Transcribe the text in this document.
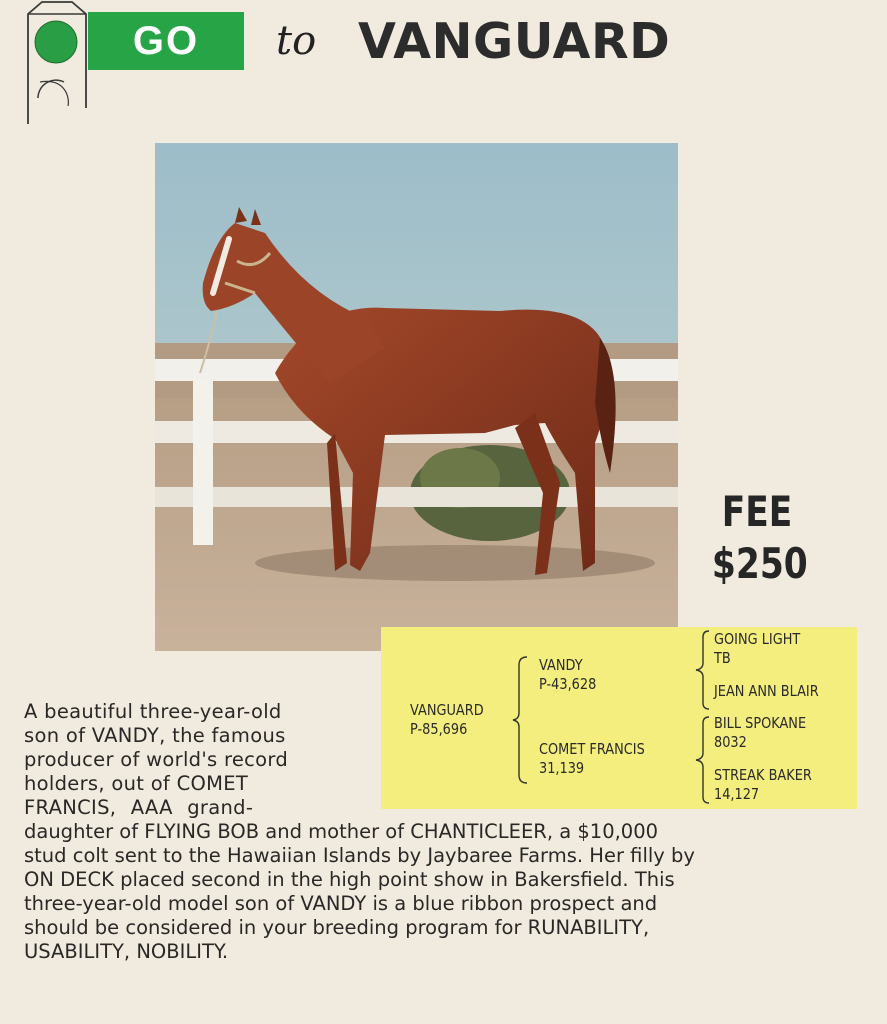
GO to VANGUARD
FEE
$250
VANGUARD
P-85,696
VANDY
P-43,628
COMET FRANCIS
31,139
GOING LIGHT
TB
JEAN ANN BLAIR
BILL SPOKANE
8032
STREAK BAKER
14,127
A beautiful three-year-old
son of VANDY, the famous
producer of world's record
holders, out of COMET
FRANCIS, AAA grand-
daughter of FLYING BOB and mother of CHANTICLEER, a $10,000
stud colt sent to the Hawaiian Islands by Jaybaree Farms. Her filly by
ON DECK placed second in the high point show in Bakersfield. This
three-year-old model son of VANDY is a blue ribbon prospect and
should be considered in your breeding program for RUNABILITY,
USABILITY, NOBILITY.
